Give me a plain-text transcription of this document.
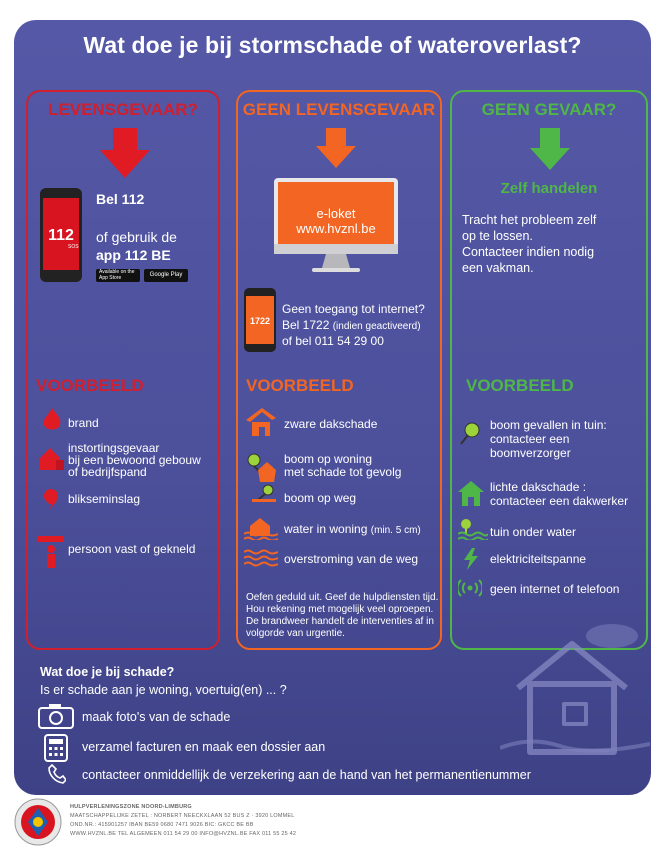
Wat doe je bij stormschade of wateroverlast?
LEVENSGEVAAR?
112
SOS
Bel 112
of gebruik de
app 112 BE
Available on the
App Store	Google Play
VOORBEELD
brand
instortingsgevaar
bij een bewoond gebouw
of bedrijfspand
blikseminslag
persoon vast of gekneld
GEEN LEVENSGEVAAR
e-loket
www.hvznl.be
1722
Geen toegang tot internet?
Bel 1722 (indien geactiveerd)
of bel 011 54 29 00
VOORBEELD
zware dakschade
boom op woning
met schade tot gevolg
boom op weg
water in woning (min. 5 cm)
overstroming van de weg
Oefen geduld uit. Geef de hulpdiensten tijd.
Hou rekening met mogelijk veel oproepen.
De brandweer handelt de interventies af in
volgorde van urgentie.
GEEN GEVAAR?
Zelf handelen
Tracht het probleem zelf
op te lossen.
Contacteer indien nodig
een vakman.
VOORBEELD
boom gevallen in tuin:
contacteer een
boomverzorger
lichte dakschade :
contacteer een dakwerker
tuin onder water
elektriciteitspanne
geen internet of telefoon
Wat doe je bij schade?
Is er schade aan je woning, voertuig(en) ... ?
maak foto's van de schade
verzamel facturen en maak een dossier aan
contacteer onmiddellijk de verzekering aan de hand van het permanentienummer
HULPVERLENINGSZONE NOORD-LIMBURG
MAATSCHAPPELIJKE ZETEL : NORBERT NEECKXLAAN 52 BUS Z · 3920 LOMMEL
OND.NR.: 415901257 IBAN BE59 0680 7471 9026 BIC: GKCC BE BB
WWW.HVZNL.BE TEL ALGEMEEN 011 54 29 00 INFO@HVZNL.BE FAX 011 55 25 42
